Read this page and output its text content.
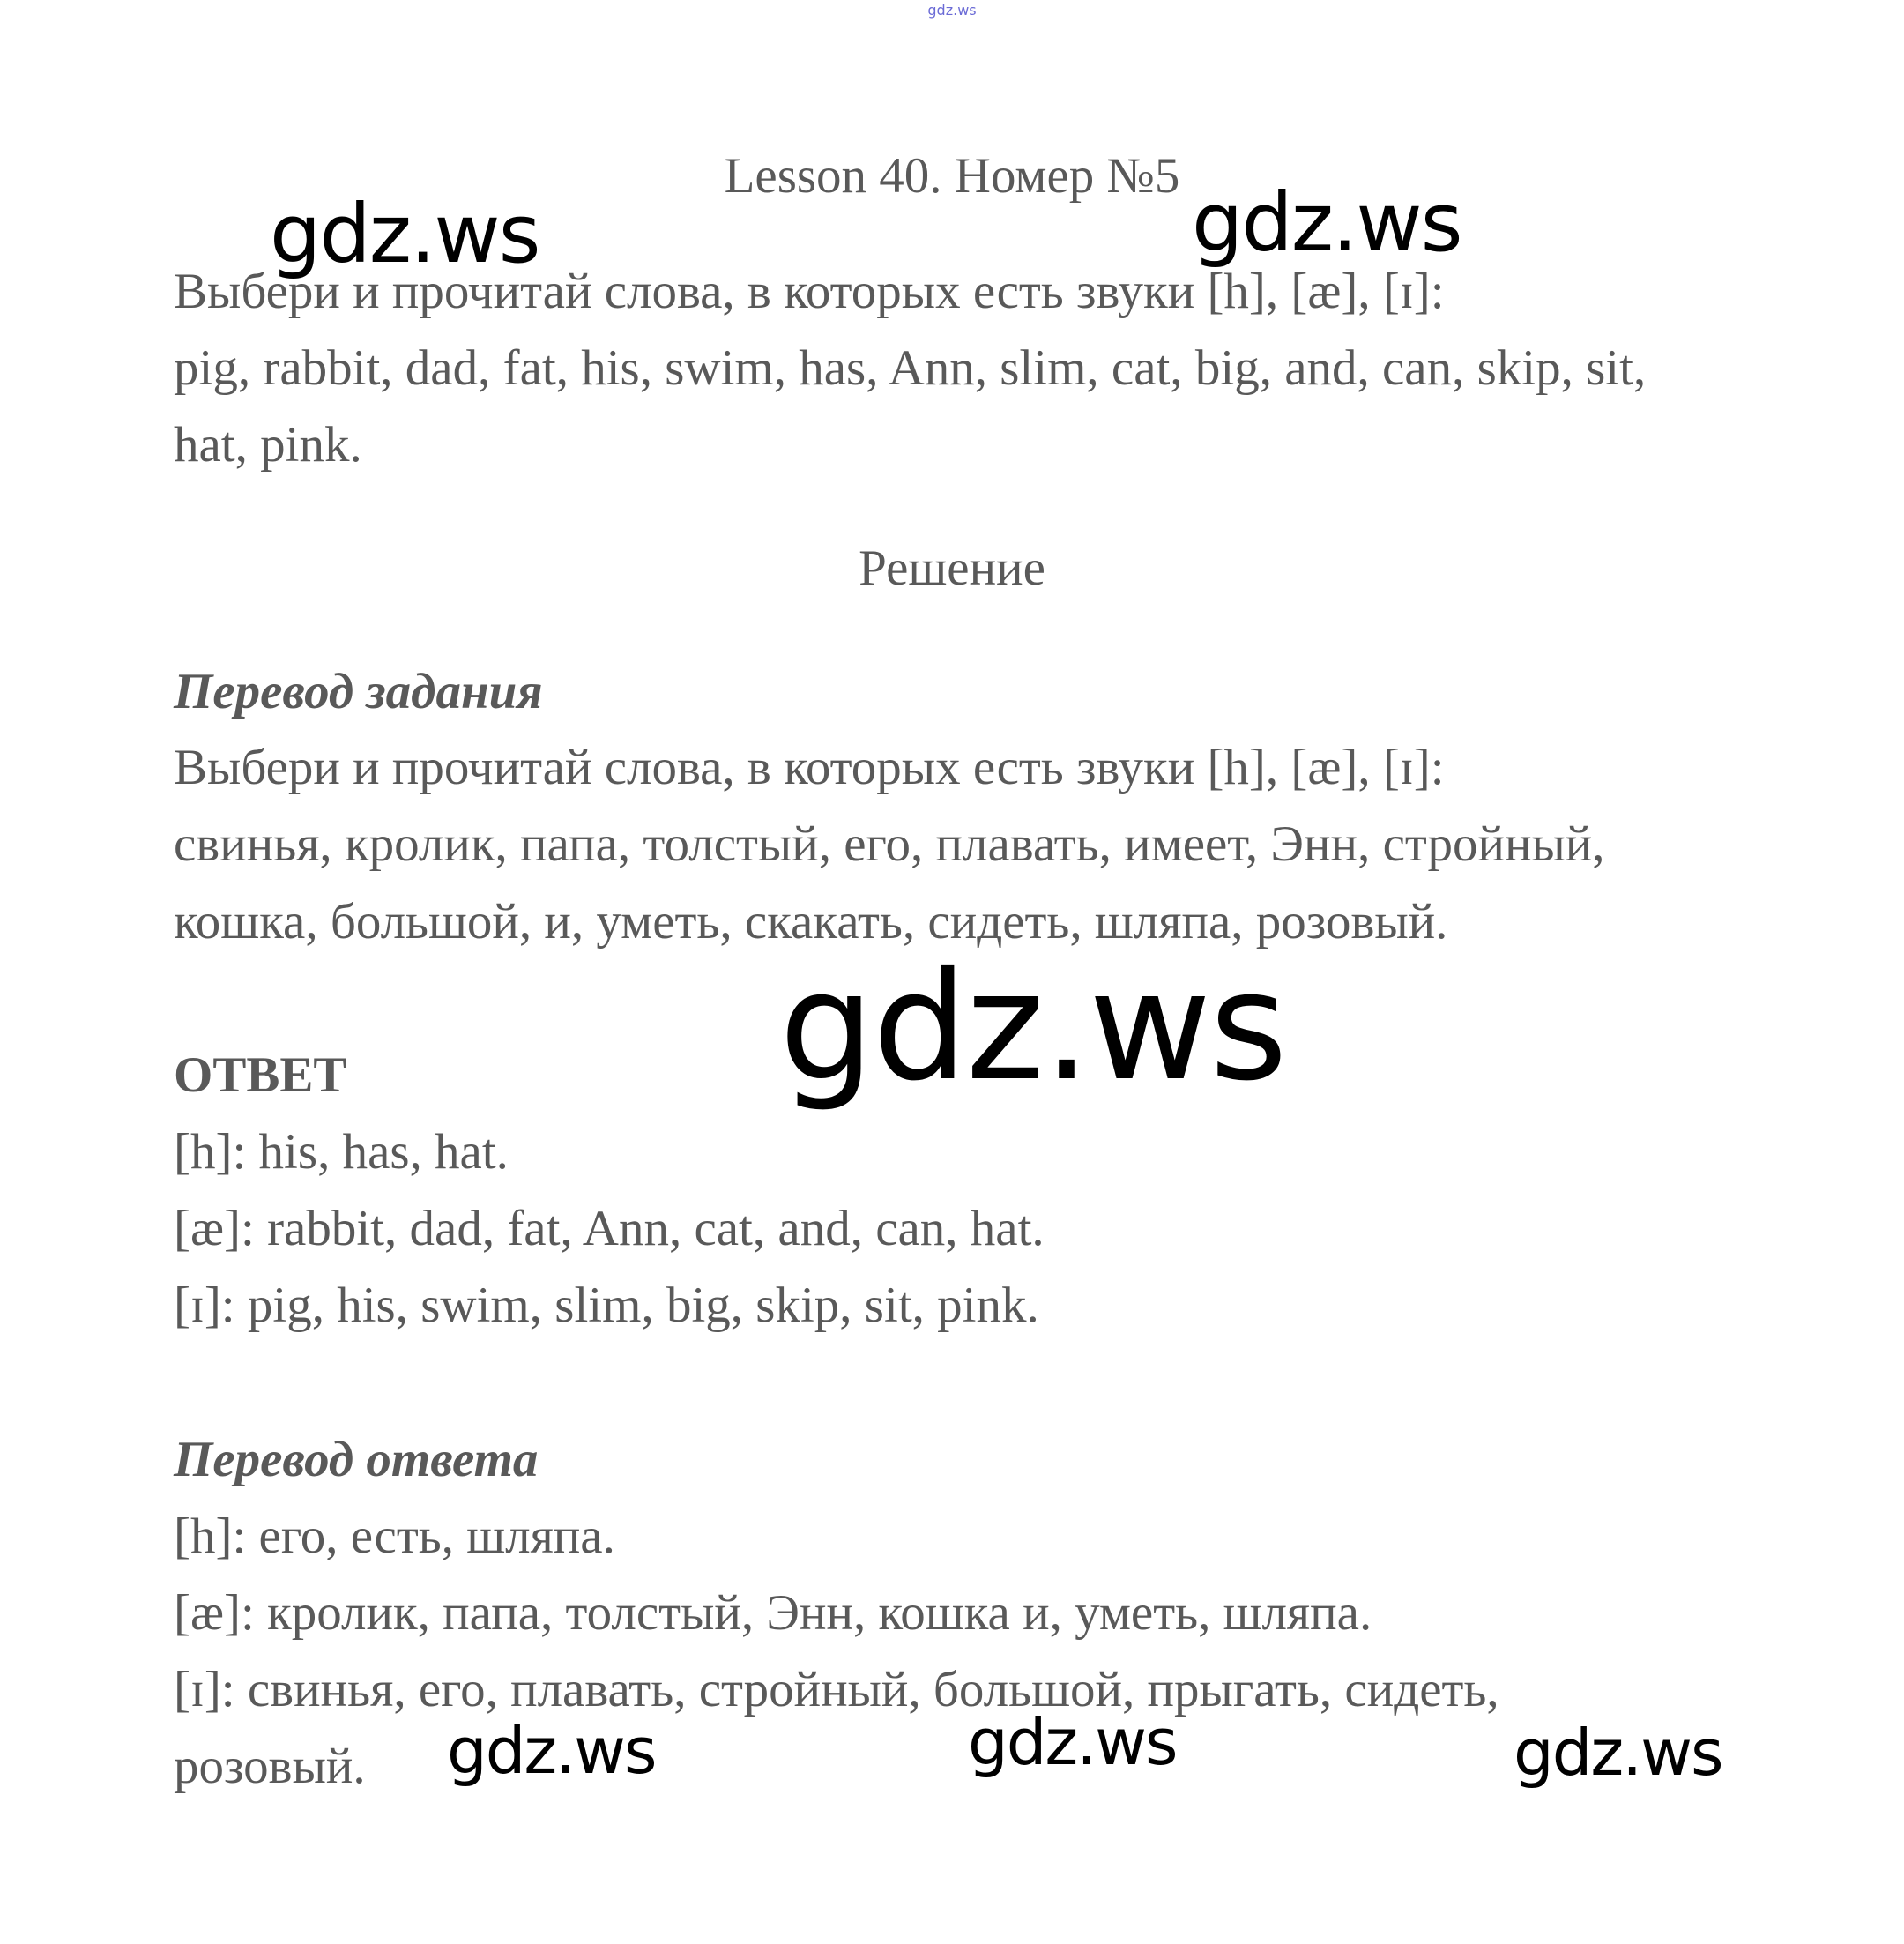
gdz.ws
Lesson 40. Номер №5
Выбери и прочитай слова, в которых есть звуки [h], [æ], [ɪ]:
pig, rabbit, dad, fat, his, swim, has, Ann, slim, cat, big, and, can, skip, sit,
hat, pink.
Решение
Перевод задания
Выбери и прочитай слова, в которых есть звуки [h], [æ], [ɪ]:
свинья, кролик, папа, толстый, его, плавать, имеет, Энн, стройный,
кошка, большой, и, уметь, скакать, сидеть, шляпа, розовый.
ОТВЕТ
[h]: his, has, hat.
[æ]: rabbit, dad, fat, Ann, cat, and, can, hat.
[ɪ]: pig, his, swim, slim, big, skip, sit, pink.
Перевод ответа
[h]: его, есть, шляпа.
[æ]: кролик, папа, толстый, Энн, кошка и, уметь, шляпа.
[ɪ]: свинья, его, плавать, стройный, большой, прыгать, сидеть,
розовый.
gdz.ws	gdz.ws
gdz.ws
gdz.ws	gdz.ws	gdz.ws
